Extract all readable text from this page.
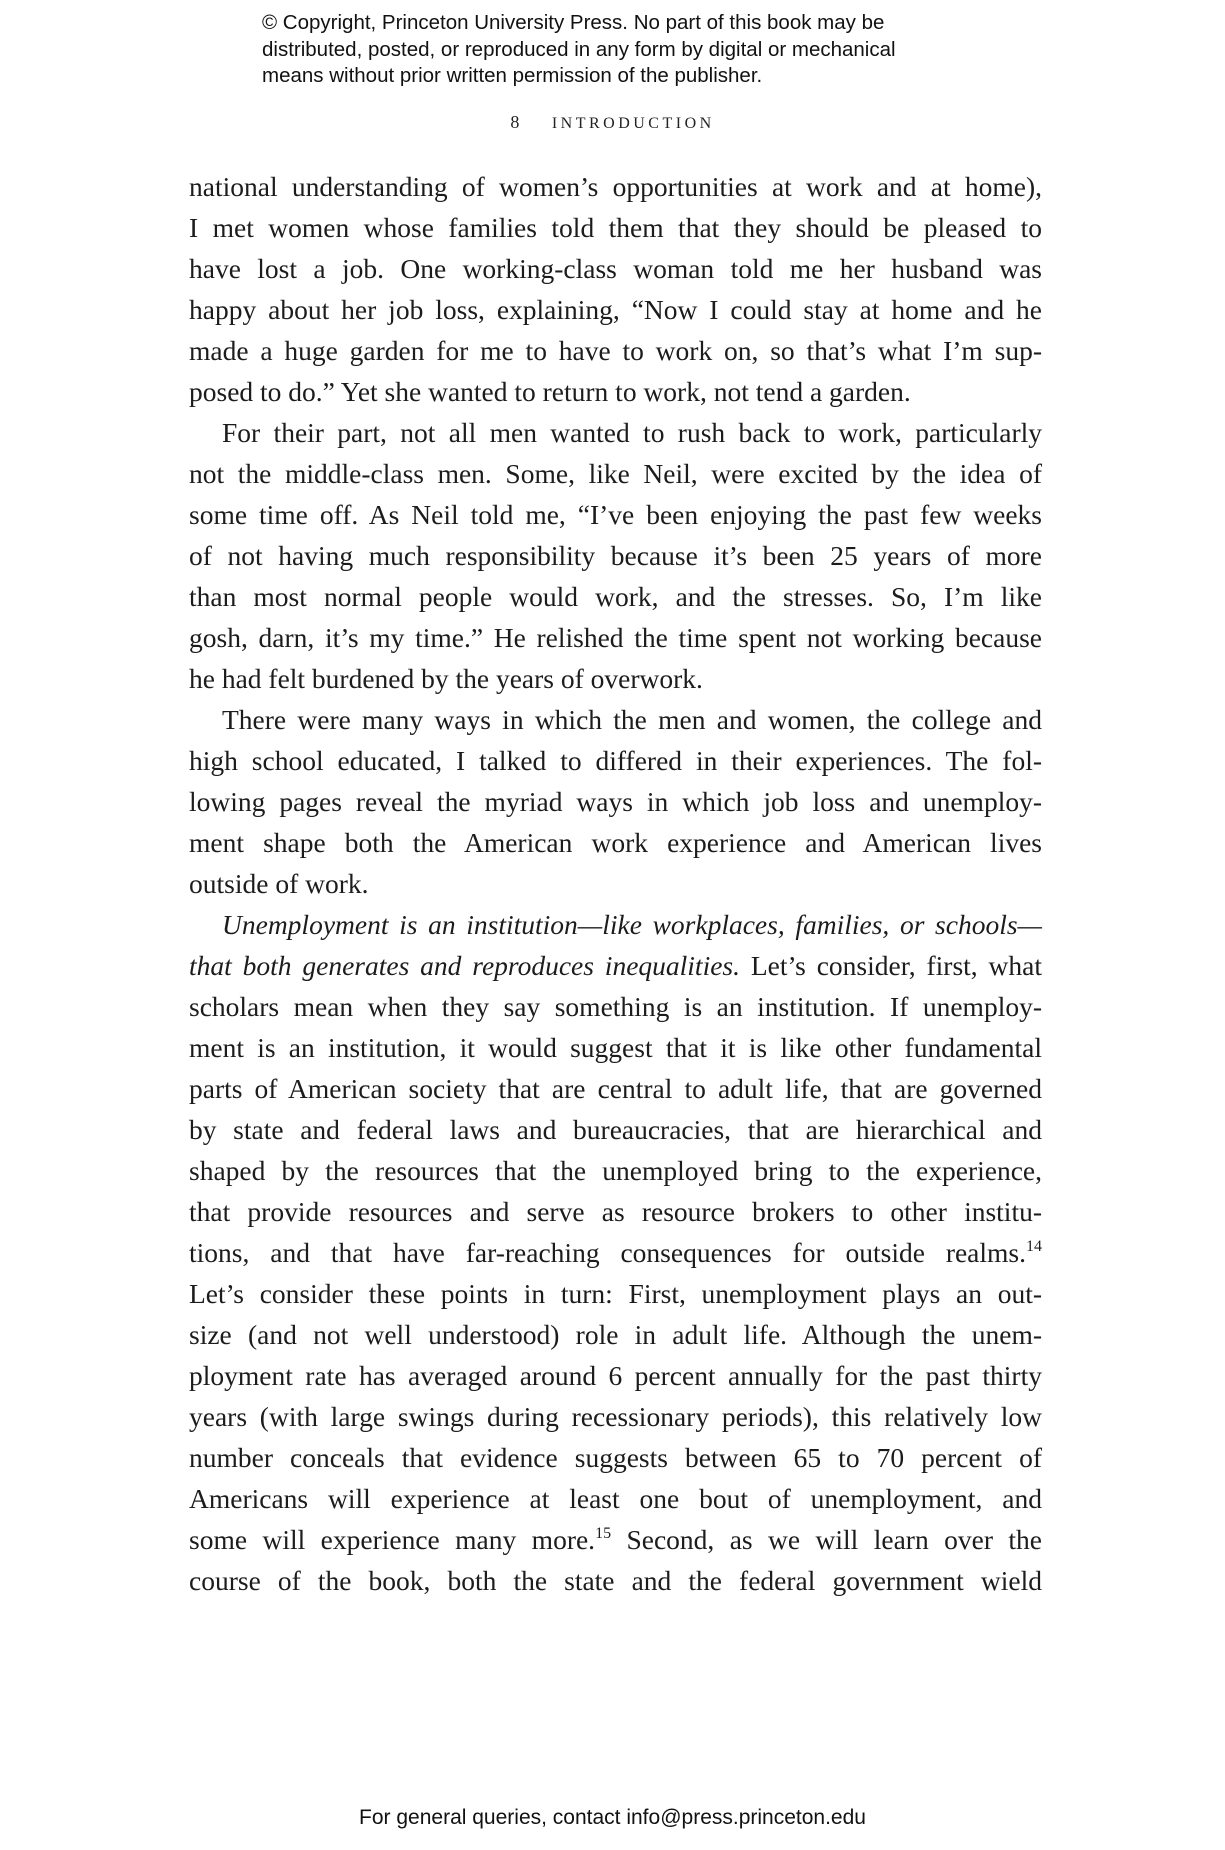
© Copyright, Princeton University Press. No part of this book may be
distributed, posted, or reproduced in any form by digital or mechanical
means without prior written permission of the publisher.
8 INTRODUCTION
national understanding of women’s opportunities at work and at home),
I met women whose families told them that they should be pleased to
have lost a job. One working-class woman told me her husband was
happy about her job loss, explaining, “Now I could stay at home and he
made a huge garden for me to have to work on, so that’s what I’m sup-
posed to do.” Yet she wanted to return to work, not tend a garden.
For their part, not all men wanted to rush back to work, particularly
not the middle-class men. Some, like Neil, were excited by the idea of
some time off. As Neil told me, “I’ve been enjoying the past few weeks
of not having much responsibility because it’s been 25 years of more
than most normal people would work, and the stresses. So, I’m like
gosh, darn, it’s my time.” He relished the time spent not working because
he had felt burdened by the years of overwork.
There were many ways in which the men and women, the college and
high school educated, I talked to differed in their experiences. The fol-
lowing pages reveal the myriad ways in which job loss and unemploy-
ment shape both the American work experience and American lives
outside of work.
Unemployment is an institution—like workplaces, families, or schools—
that both generates and reproduces inequalities. Let’s consider, first, what
scholars mean when they say something is an institution. If unemploy-
ment is an institution, it would suggest that it is like other fundamental
parts of American society that are central to adult life, that are governed
by state and federal laws and bureaucracies, that are hierarchical and
shaped by the resources that the unemployed bring to the experience,
that provide resources and serve as resource brokers to other institu-
tions, and that have far-reaching consequences for outside realms.$^{14}$
Let’s consider these points in turn: First, unemployment plays an out-
size (and not well understood) role in adult life. Although the unem-
ployment rate has averaged around 6 percent annually for the past thirty
years (with large swings during recessionary periods), this relatively low
number conceals that evidence suggests between 65 to 70 percent of
Americans will experience at least one bout of unemployment, and
some will experience many more.$^{15}$ Second, as we will learn over the
course of the book, both the state and the federal government wield
For general queries, contact info@press.princeton.edu
